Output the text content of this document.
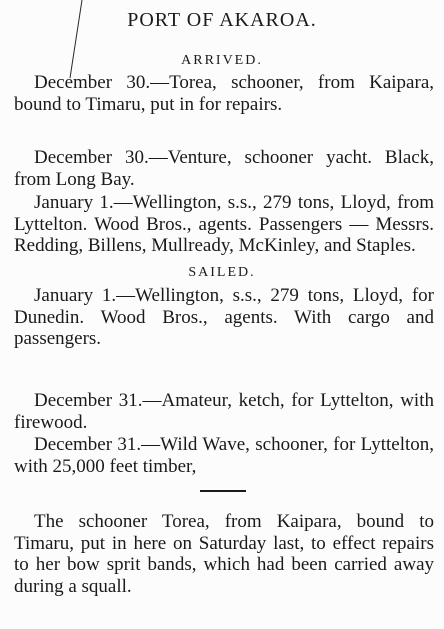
PORT OF AKAROA.
ARRIVED.
December 30.—Torea, schooner, from Kaipara, bound to Timaru, put in for repairs.
December 30.—Venture, schooner yacht. Black, from Long Bay.
January 1.—Wellington, s.s., 279 tons, Lloyd, from Lyttelton. Wood Bros., agents. Passengers — Messrs. Redding, Billens, Mullready, McKinley, and Staples.
SAILED.
January 1.—Wellington, s.s., 279 tons, Lloyd, for Dunedin. Wood Bros., agents. With cargo and passengers.
December 31.—Amateur, ketch, for Lyttelton, with firewood.
December 31.—Wild Wave, schooner, for Lyttelton, with 25,000 feet timber,
The schooner Torea, from Kaipara, bound to Timaru, put in here on Saturday last, to effect repairs to her bow sprit bands, which had been carried away during a squall.
